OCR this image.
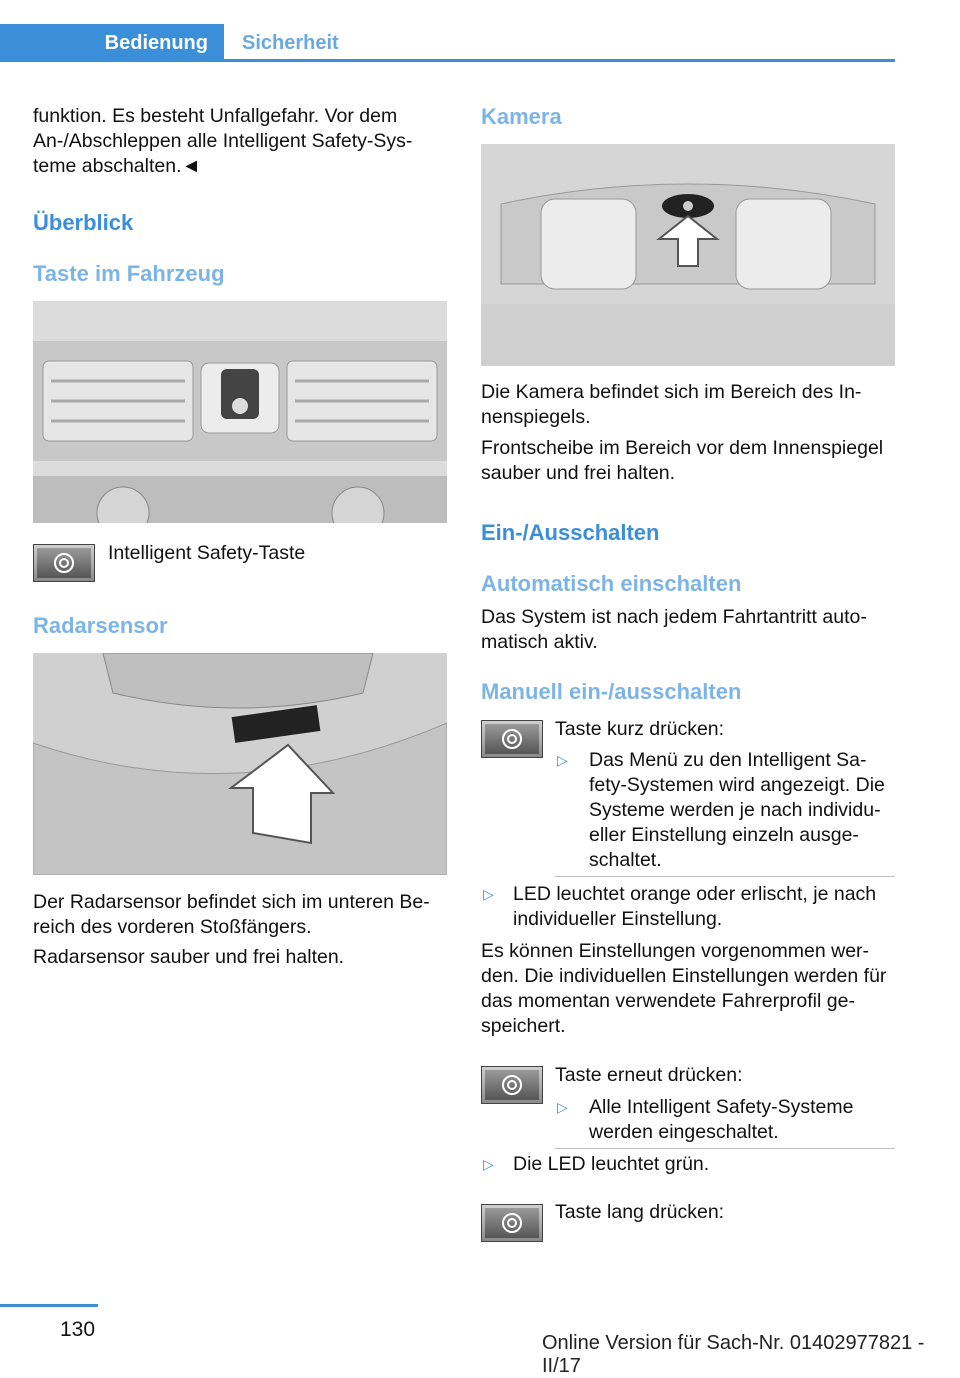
Bedienung	Sicherheit
funktion. Es besteht Unfallgefahr. Vor dem
An-/Abschleppen alle Intelligent Safety-Sys‐
teme abschalten.◄
Überblick
Taste im Fahrzeug
Intelligent Safety-Taste
Radarsensor
Der Radarsensor befindet sich im unteren Be‐
reich des vorderen Stoßfängers.
Radarsensor sauber und frei halten.
Kamera
Die Kamera befindet sich im Bereich des In‐
nenspiegels.
Frontscheibe im Bereich vor dem Innenspiegel
sauber und frei halten.
Ein-/Ausschalten
Automatisch einschalten
Das System ist nach jedem Fahrtantritt auto‐
matisch aktiv.
Manuell ein-/ausschalten
Taste kurz drücken:
▷ Das Menü zu den Intelligent Sa‐
fety-Systemen wird angezeigt. Die
Systeme werden je nach individu‐
eller Einstellung einzeln ausge‐
schaltet.
▷ LED leuchtet orange oder erlischt, je nach
individueller Einstellung.
Es können Einstellungen vorgenommen wer‐
den. Die individuellen Einstellungen werden für
das momentan verwendete Fahrerprofil ge‐
speichert.
Taste erneut drücken:
▷ Alle Intelligent Safety-Systeme
werden eingeschaltet.
▷ Die LED leuchtet grün.
Taste lang drücken:
130
Online Version für Sach-Nr. 01402977821 - II/17
